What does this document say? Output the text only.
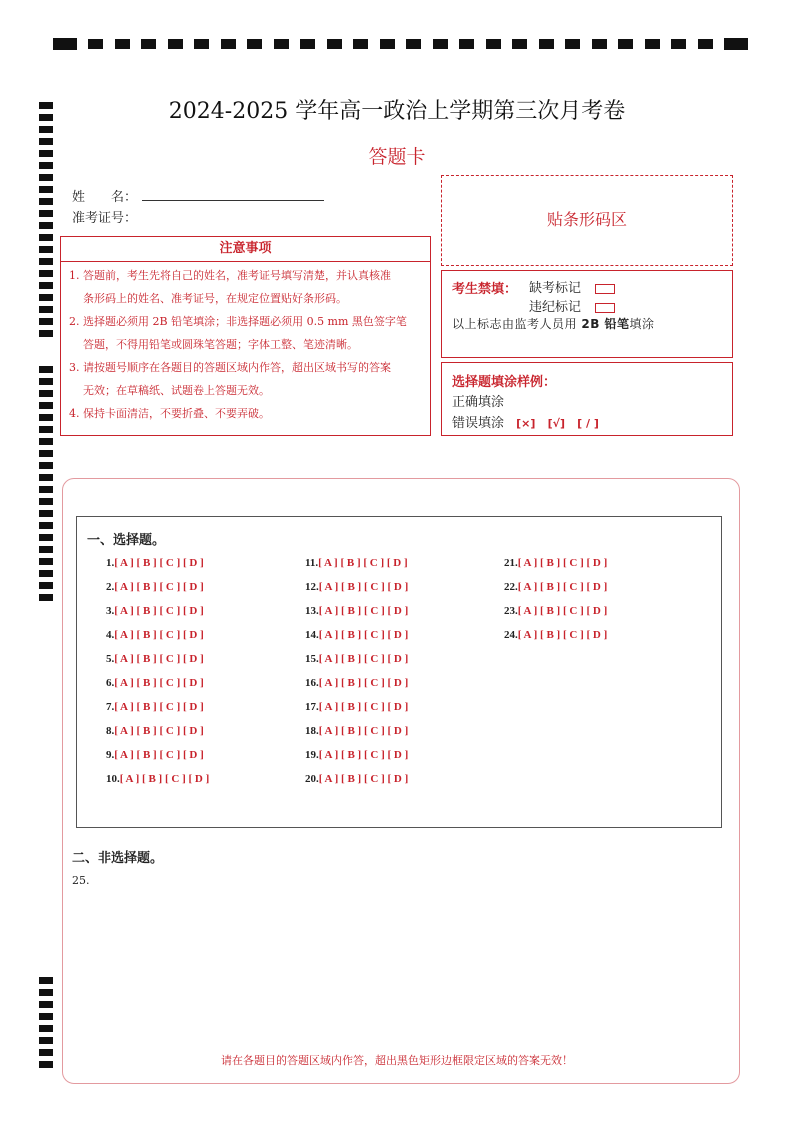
2024-2025 学年高一政治上学期第三次月考卷
答题卡
姓　　名：
准考证号：	贴条形码区
注意事项
1. 答题前，考生先将自己的姓名，准考证号填写清楚，并认真核准
条形码上的姓名、准考证号，在规定位置贴好条形码。
2. 选择题必须用 2B 铅笔填涂；非选择题必须用 0.5 mm 黑色签字笔
答题，不得用铅笔或圆珠笔答题；字体工整、笔迹清晰。
3. 请按题号顺序在各题目的答题区域内作答，超出区域书写的答案
无效；在草稿纸、试题卷上答题无效。
4. 保持卡面清洁，不要折叠、不要弄破。
考生禁填： 缺考标记
违纪标记
以上标志由监考人员用 2B 铅笔填涂
选择题填涂样例：
正确填涂
错误填涂 [×] [√] [ / ]
一、选择题。
1.[ A ] [ B ] [ C ] [ D ]
2.[ A ] [ B ] [ C ] [ D ]
3.[ A ] [ B ] [ C ] [ D ]
4.[ A ] [ B ] [ C ] [ D ]
5.[ A ] [ B ] [ C ] [ D ]
6.[ A ] [ B ] [ C ] [ D ]
7.[ A ] [ B ] [ C ] [ D ]
8.[ A ] [ B ] [ C ] [ D ]
9.[ A ] [ B ] [ C ] [ D ]
10.[ A ] [ B ] [ C ] [ D ]
11.[ A ] [ B ] [ C ] [ D ]
12.[ A ] [ B ] [ C ] [ D ]
13.[ A ] [ B ] [ C ] [ D ]
14.[ A ] [ B ] [ C ] [ D ]
15.[ A ] [ B ] [ C ] [ D ]
16.[ A ] [ B ] [ C ] [ D ]
17.[ A ] [ B ] [ C ] [ D ]
18.[ A ] [ B ] [ C ] [ D ]
19.[ A ] [ B ] [ C ] [ D ]
20.[ A ] [ B ] [ C ] [ D ]
21.[ A ] [ B ] [ C ] [ D ]
22.[ A ] [ B ] [ C ] [ D ]
23.[ A ] [ B ] [ C ] [ D ]
24.[ A ] [ B ] [ C ] [ D ]
二、非选择题。
25.
请在各题目的答题区域内作答，超出黑色矩形边框限定区域的答案无效！
